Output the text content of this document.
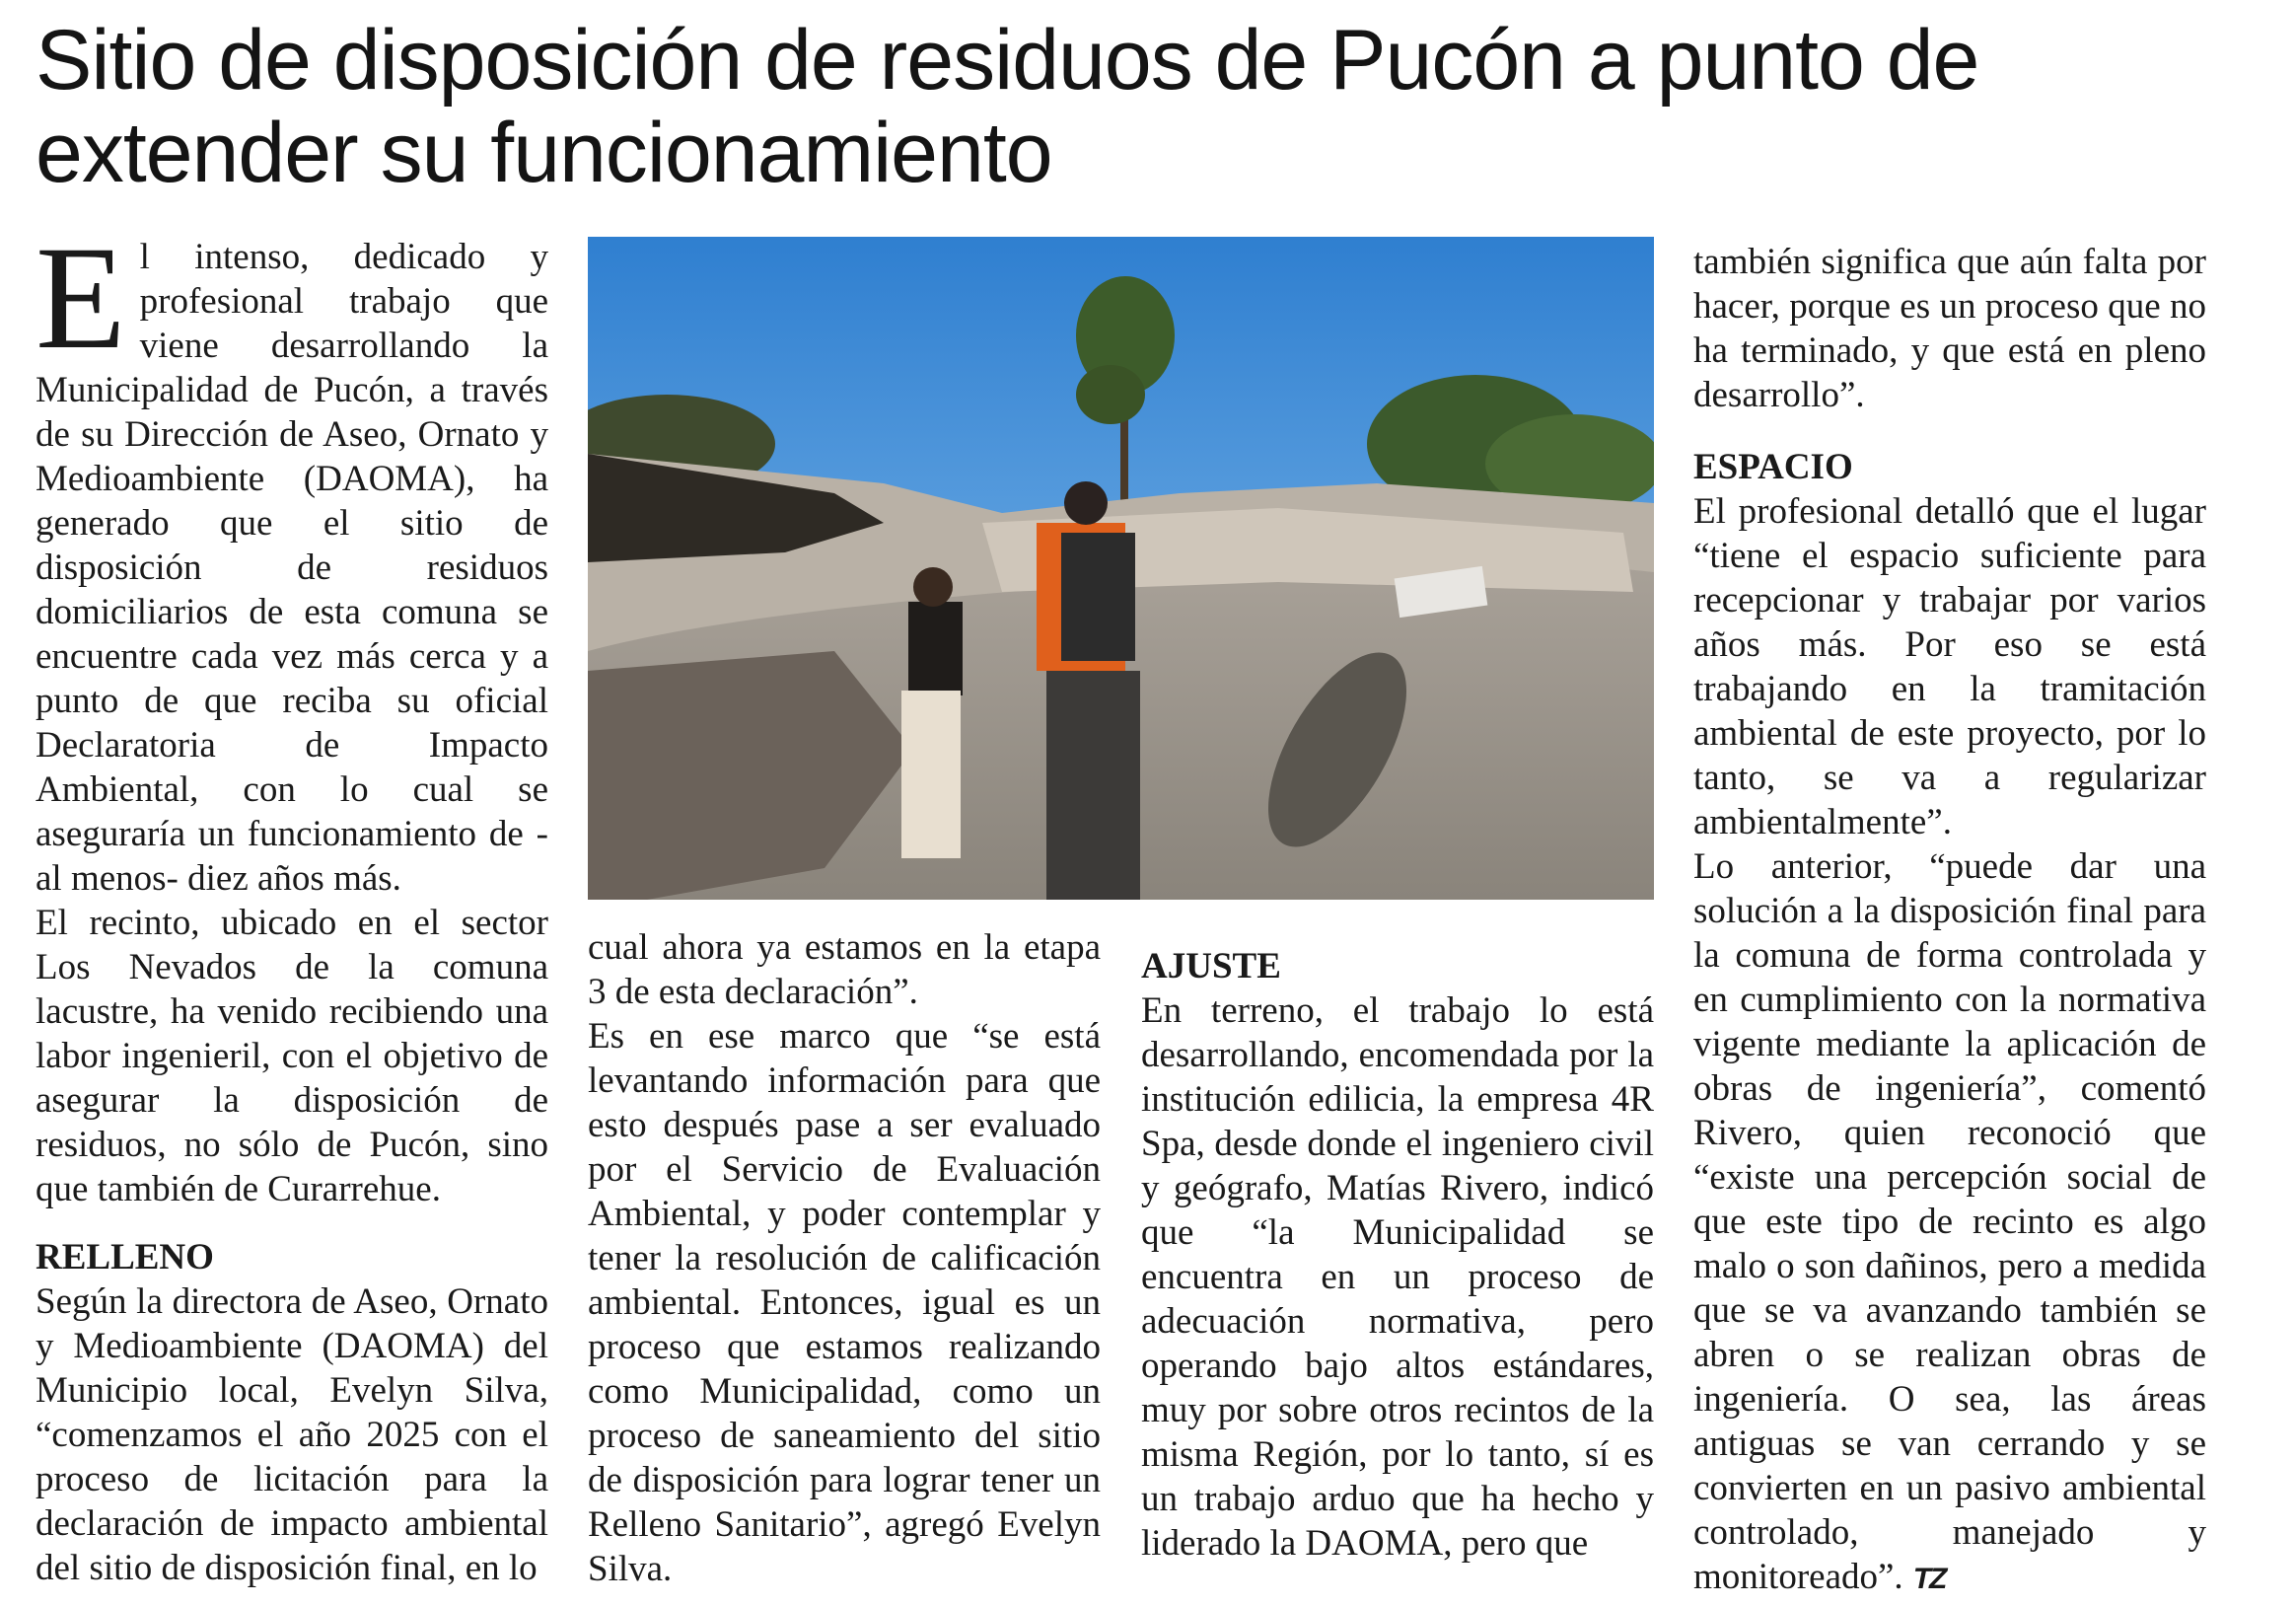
Sitio de disposición de residuos de Pucón a punto de extender su funcionamiento

El intenso, dedicado y profesional trabajo que viene desarrollando la Municipalidad de Pucón, a través de su Dirección de Aseo, Ornato y Medioambiente (DAOMA), ha generado que el sitio de disposición de residuos domiciliarios de esta comuna se encuentre cada vez más cerca y a punto de que reciba su oficial Declaratoria de Impacto Ambiental, con lo cual se aseguraría un funcionamiento de -al menos- diez años más.

El recinto, ubicado en el sector Los Nevados de la comuna lacustre, ha venido recibiendo una labor ingenieril, con el objetivo de asegurar la disposición de residuos, no sólo de Pucón, sino que también de Curarrehue.

RELLENO

Según la directora de Aseo, Ornato y Medioambiente (DAOMA) del Municipio local, Evelyn Silva, “comenzamos el año 2025 con el proceso de licitación para la declaración de impacto ambiental del sitio de disposición final, en lo

cual ahora ya estamos en la etapa 3 de esta declaración”.

Es en ese marco que “se está levantando información para que esto después pase a ser evaluado por el Servicio de Evaluación Ambiental, y poder contemplar y tener la resolución de calificación ambiental. Entonces, igual es un proceso que estamos realizando como Municipalidad, como un proceso de saneamiento del sitio de disposición para lograr tener un Relleno Sanitario”, agregó Evelyn Silva.

AJUSTE

En terreno, el trabajo lo está desarrollando, encomendada por la institución edilicia, la empresa 4R Spa, desde donde el ingeniero civil y geógrafo, Matías Rivero, indicó que “la Municipalidad se encuentra en un proceso de adecuación normativa, pero operando bajo altos estándares, muy por sobre otros recintos de la misma Región, por lo tanto, sí es un trabajo arduo que ha hecho y liderado la DAOMA, pero que

también significa que aún falta por hacer, porque es un proceso que no ha terminado, y que está en pleno desarrollo”.

ESPACIO

El profesional detalló que el lugar “tiene el espacio suficiente para recepcionar y trabajar por varios años más. Por eso se está trabajando en la tramitación ambiental de este proyecto, por lo tanto, se va a regularizar ambientalmente”.

Lo anterior, “puede dar una solución a la disposición final para la comuna de forma controlada y en cumplimiento con la normativa vigente mediante la aplicación de obras de ingeniería”, comentó Rivero, quien reconoció que “existe una percepción social de que este tipo de recinto es algo malo o son dañinos, pero a medida que se va avanzando también se abren o se realizan obras de ingeniería. O sea, las áreas antiguas se van cerrando y se convierten en un pasivo ambiental controlado, manejado y monitoreado”. TZ
